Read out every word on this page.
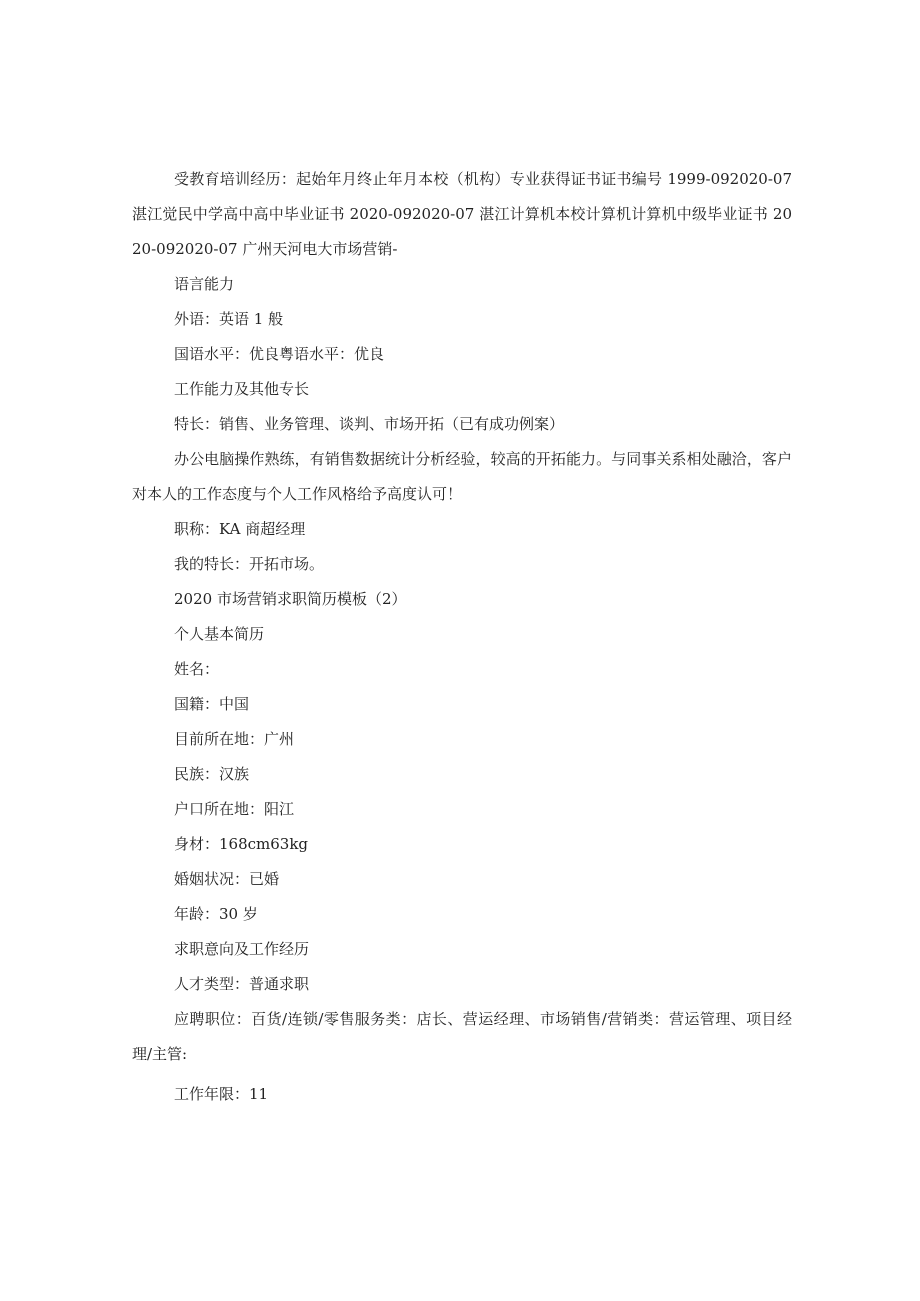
受教育培训经历：起始年月终止年月本校（机构）专业获得证书证书编号 1999-092020-07 湛江觉民中学高中高中毕业证书 2020-092020-07 湛江计算机本校计算机计算机中级毕业证书 2020-092020-07 广州天河电大市场营销-

语言能力

外语：英语 1 般

国语水平：优良粤语水平：优良

工作能力及其他专长

特长：销售、业务管理、谈判、市场开拓（已有成功例案）

办公电脑操作熟练，有销售数据统计分析经验，较高的开拓能力。与同事关系相处融洽，客户对本人的工作态度与个人工作风格给予高度认可！

职称：KA 商超经理

我的特长：开拓市场。

2020 市场营销求职简历模板（2）

个人基本简历

姓名：

国籍：中国

目前所在地：广州

民族：汉族

户口所在地：阳江

身材：168cm63kg

婚姻状况：已婚

年龄：30 岁

求职意向及工作经历

人才类型：普通求职

应聘职位：百货/连锁/零售服务类：店长、营运经理、市场销售/营销类：营运管理、项目经理/主管:

工作年限：11
